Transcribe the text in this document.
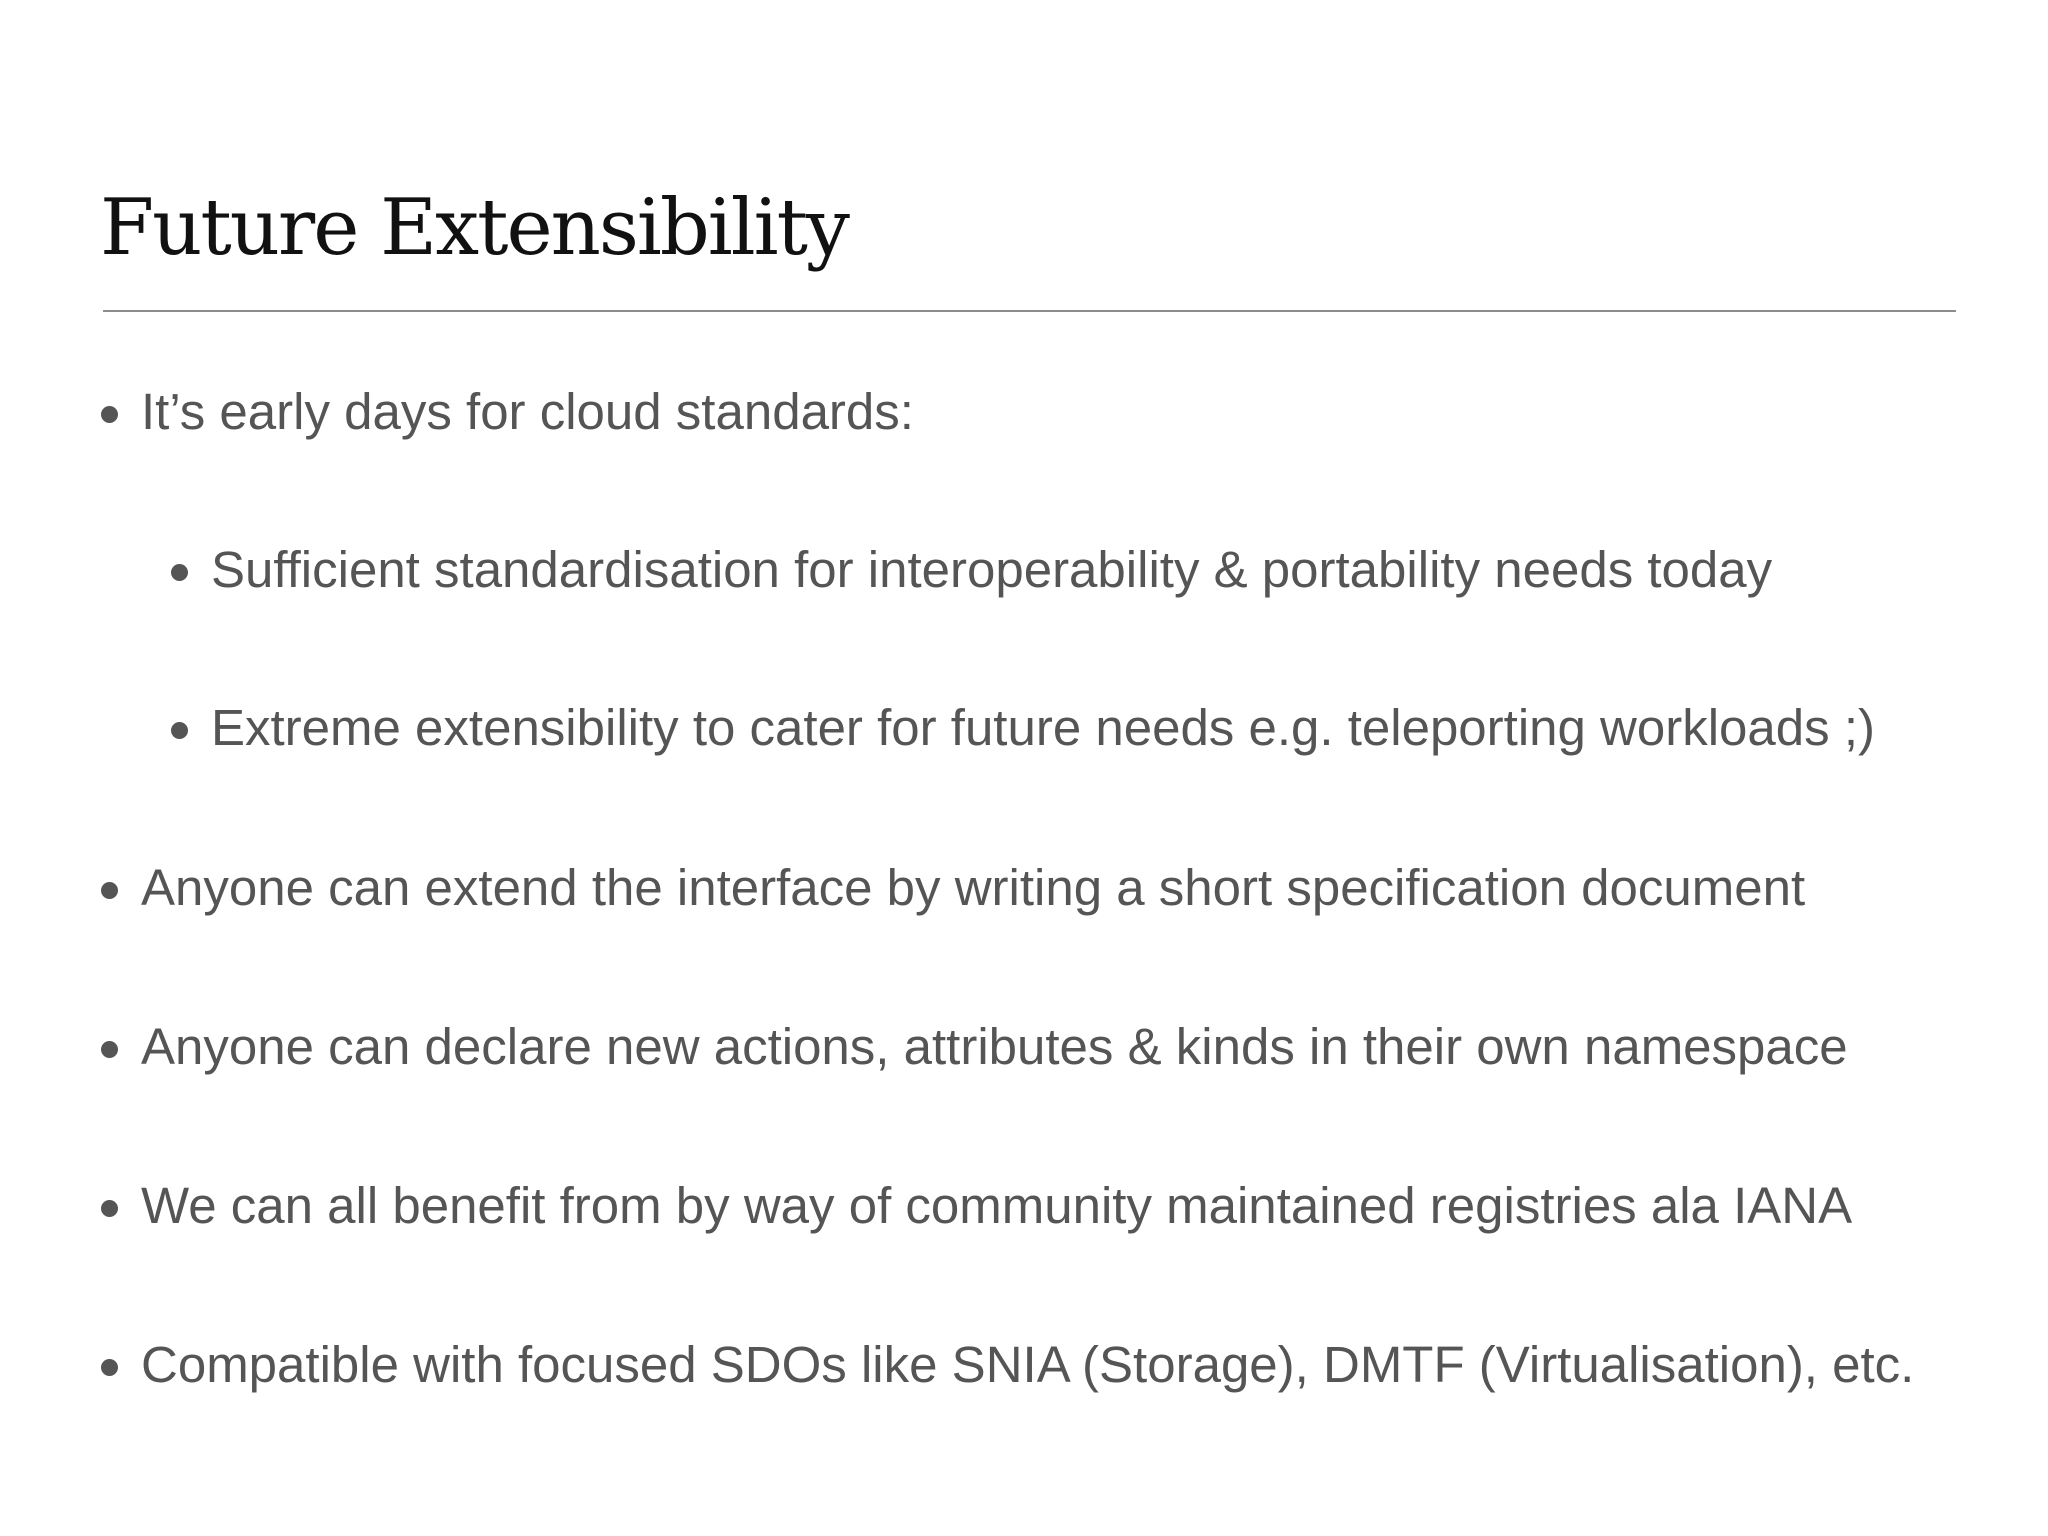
Future Extensibility
It’s early days for cloud standards:
Sufficient standardisation for interoperability & portability needs today
Extreme extensibility to cater for future needs e.g. teleporting workloads ;)
Anyone can extend the interface by writing a short specification document
Anyone can declare new actions, attributes & kinds in their own namespace
We can all benefit from by way of community maintained registries ala IANA
Compatible with focused SDOs like SNIA (Storage), DMTF (Virtualisation), etc.
